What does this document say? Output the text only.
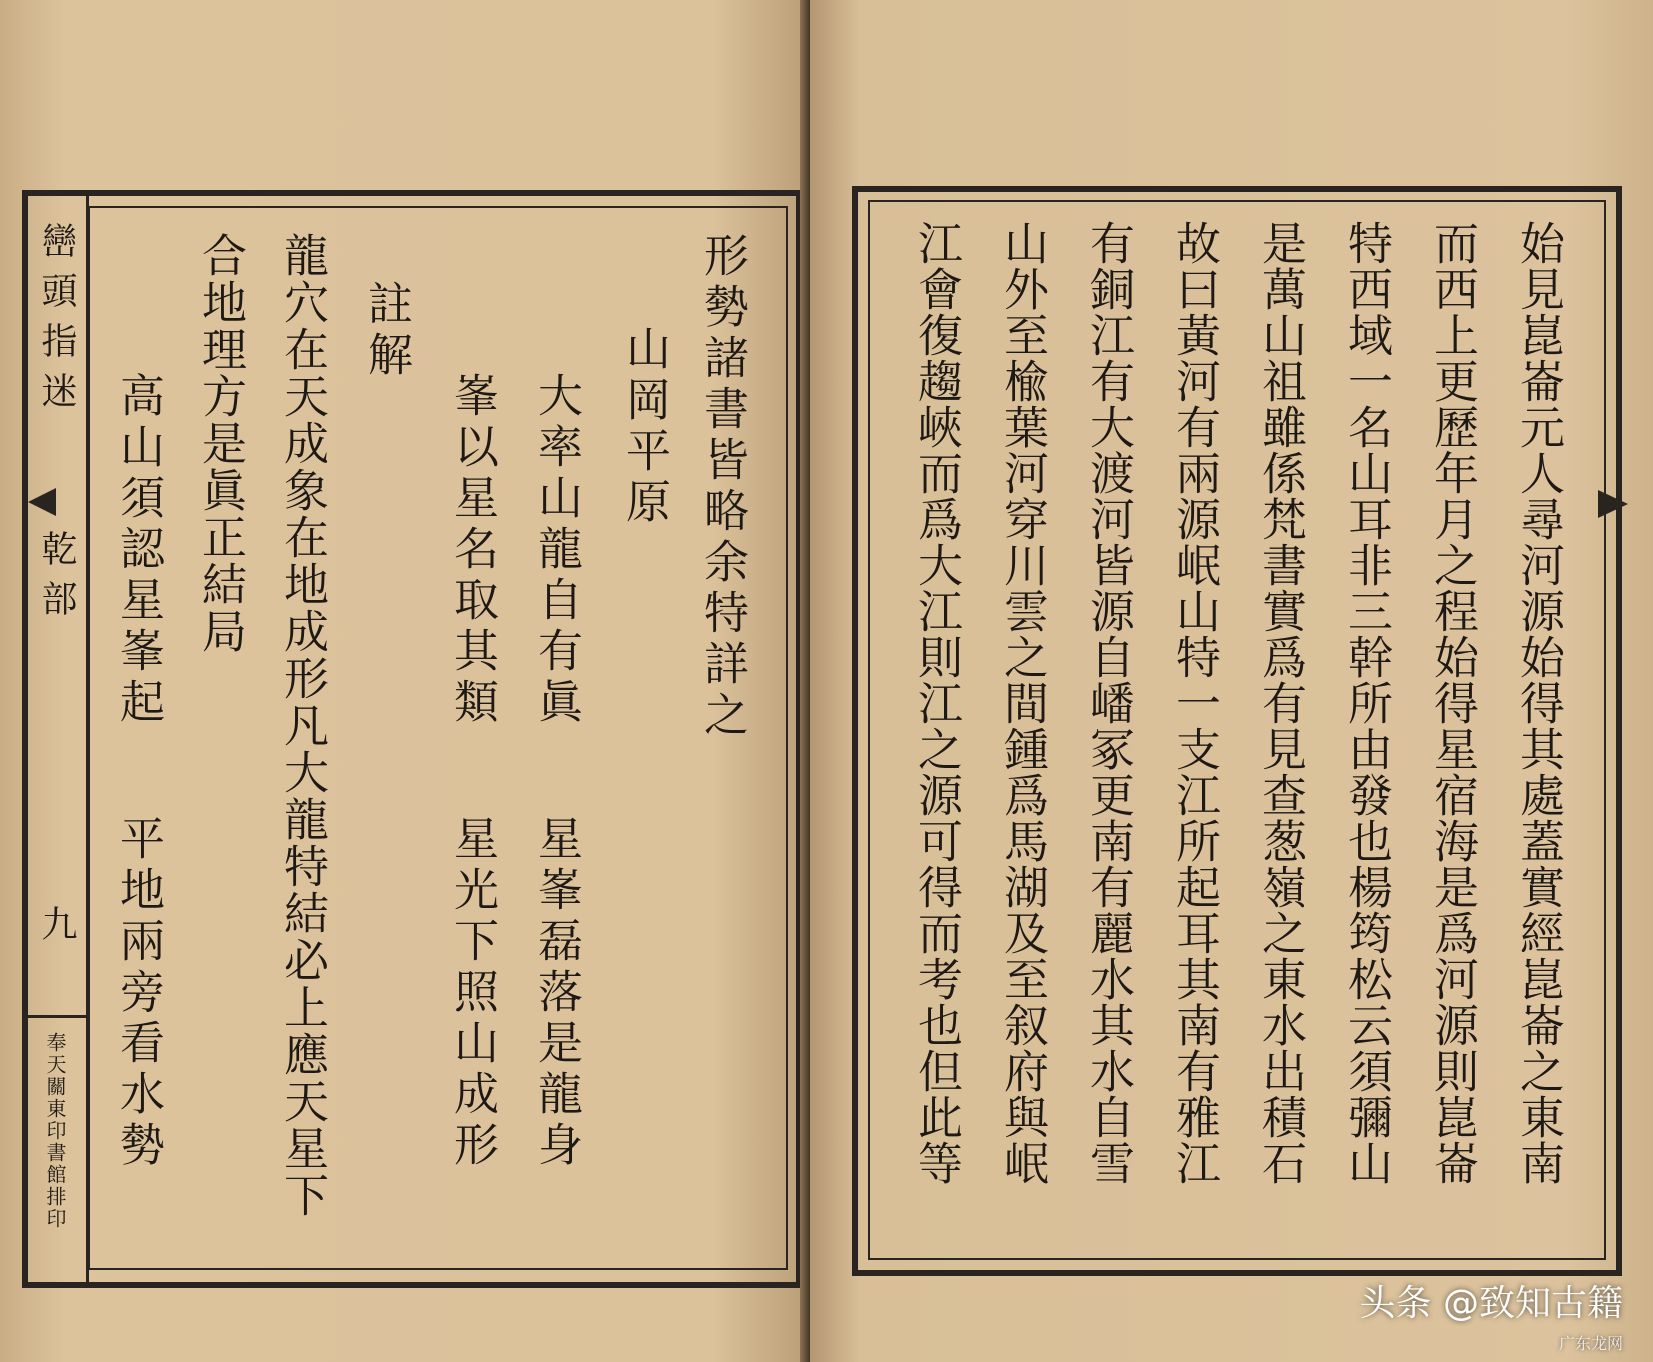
巒頭指迷
乾部
九
奉天關東印書館排印
形勢諸書皆略余特詳之
山岡平原
大率山龍自有眞
星峯磊落是龍身
峯以星名取其類
星光下照山成形
註解
龍穴在天成象在地成形凡大龍特結必上應天星下
合地理方是眞正結局
高山須認星峯起
平地兩旁看水勢	始見崑崙元人尋河源始得其處蓋實經崑崙之東南
而西上更歷年月之程始得星宿海是爲河源則崑崙
特西域一名山耳非三幹所由發也楊筠松云須彌山
是萬山祖雖係梵書實爲有見查葱嶺之東水出積石
故曰黃河有兩源岷山特一支江所起耳其南有雅江
有銅江有大渡河皆源自嶓冢更南有麗水其水自雪
山外至楡葉河穿川雲之間鍾爲馬湖及至叙府與岷
江會復趨峽而爲大江則江之源可得而考也但此等
头条 @致知古籍
广东龙网
